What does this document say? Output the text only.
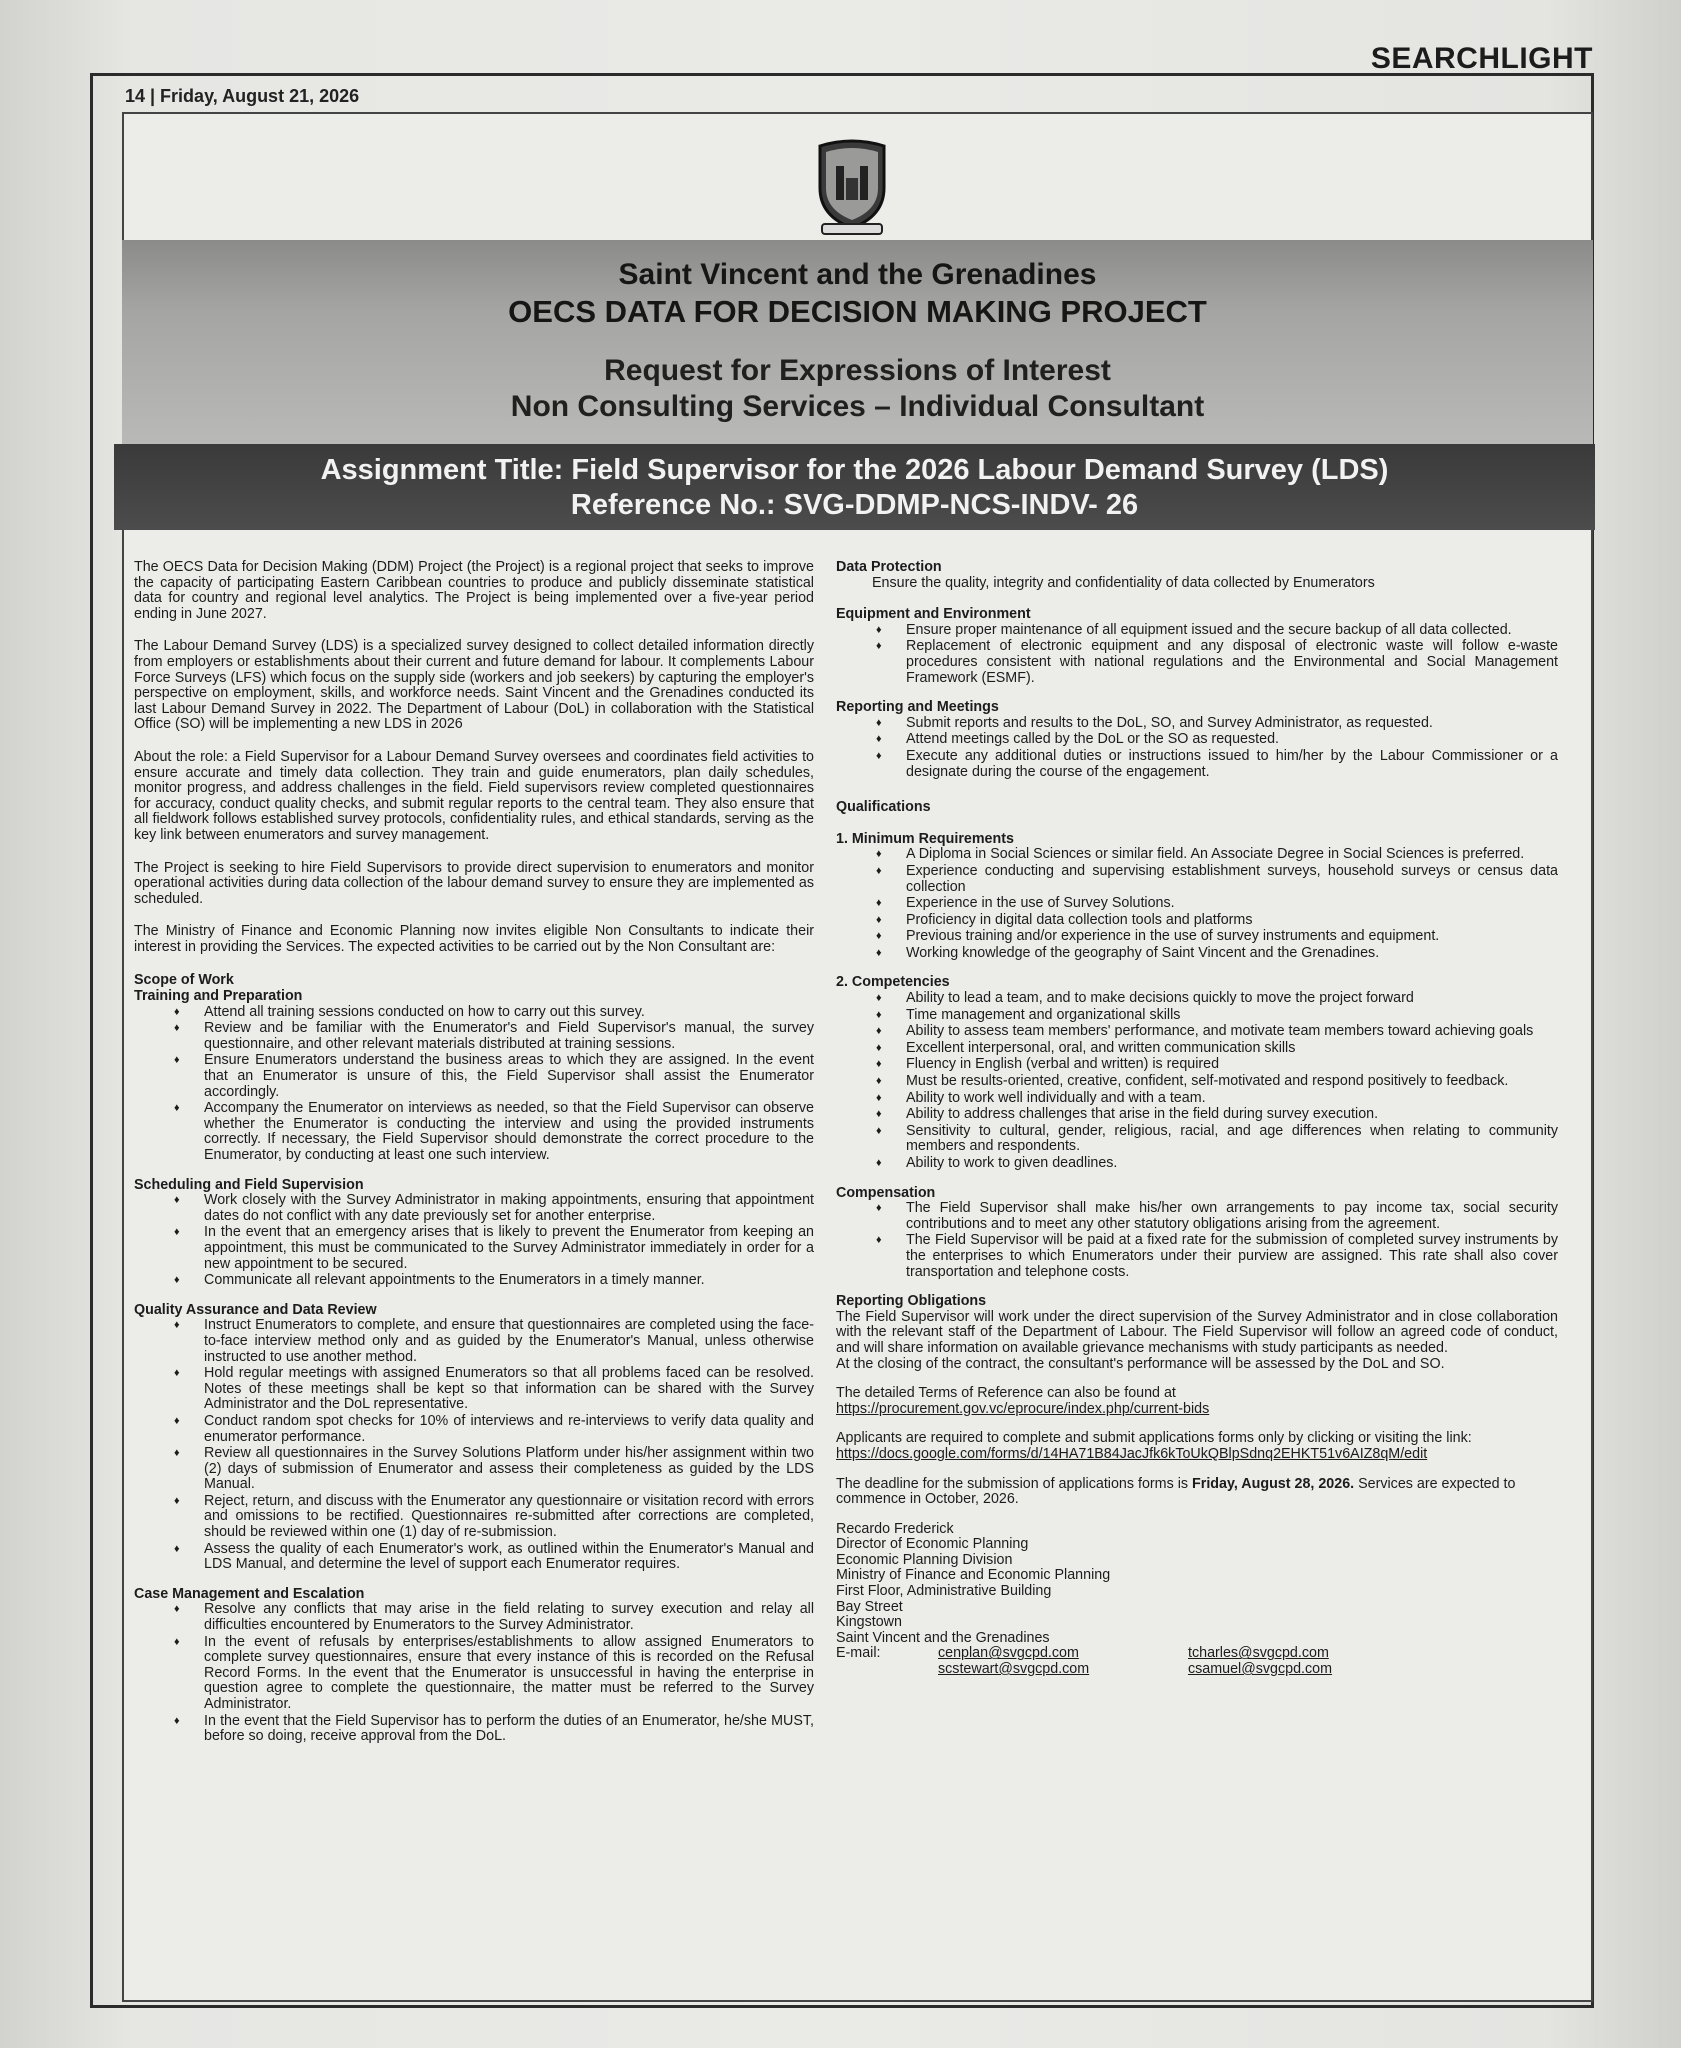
14 | Friday, August 21, 2026
SEARCHLIGHT
Saint Vincent and the Grenadines
OECS DATA FOR DECISION MAKING PROJECT
Request for Expressions of Interest
Non Consulting Services – Individual Consultant
Assignment Title: Field Supervisor for the 2026 Labour Demand Survey (LDS)
Reference No.: SVG-DDMP-NCS-INDV- 26

The OECS Data for Decision Making (DDM) Project (the Project) is a regional project that seeks to improve the capacity of participating Eastern Caribbean countries to produce and publicly disseminate statistical data for country and regional level analytics. The Project is being implemented over a five-year period ending in June 2027.

The Labour Demand Survey (LDS) is a specialized survey designed to collect detailed information directly from employers or establishments about their current and future demand for labour. It complements Labour Force Surveys (LFS) which focus on the supply side (workers and job seekers) by capturing the employer's perspective on employment, skills, and workforce needs. Saint Vincent and the Grenadines conducted its last Labour Demand Survey in 2022. The Department of Labour (DoL) in collaboration with the Statistical Office (SO) will be implementing a new LDS in 2026

About the role: a Field Supervisor for a Labour Demand Survey oversees and coordinates field activities to ensure accurate and timely data collection. They train and guide enumerators, plan daily schedules, monitor progress, and address challenges in the field. Field supervisors review completed questionnaires for accuracy, conduct quality checks, and submit regular reports to the central team. They also ensure that all fieldwork follows established survey protocols, confidentiality rules, and ethical standards, serving as the key link between enumerators and survey management.

The Project is seeking to hire Field Supervisors to provide direct supervision to enumerators and monitor operational activities during data collection of the labour demand survey to ensure they are implemented as scheduled.

The Ministry of Finance and Economic Planning now invites eligible Non Consultants to indicate their interest in providing the Services. The expected activities to be carried out by the Non Consultant are:

Scope of Work
Training and Preparation
♦ Attend all training sessions conducted on how to carry out this survey.
♦ Review and be familiar with the Enumerator's and Field Supervisor's manual, the survey questionnaire, and other relevant materials distributed at training sessions.
♦ Ensure Enumerators understand the business areas to which they are assigned. In the event that an Enumerator is unsure of this, the Field Supervisor shall assist the Enumerator accordingly.
♦ Accompany the Enumerator on interviews as needed, so that the Field Supervisor can observe whether the Enumerator is conducting the interview and using the provided instruments correctly. If necessary, the Field Supervisor should demonstrate the correct procedure to the Enumerator, by conducting at least one such interview.
Scheduling and Field Supervision
♦ Work closely with the Survey Administrator in making appointments, ensuring that appointment dates do not conflict with any date previously set for another enterprise.
♦ In the event that an emergency arises that is likely to prevent the Enumerator from keeping an appointment, this must be communicated to the Survey Administrator immediately in order for a new appointment to be secured.
♦ Communicate all relevant appointments to the Enumerators in a timely manner.
Quality Assurance and Data Review
♦ Instruct Enumerators to complete, and ensure that questionnaires are completed using the face-to-face interview method only and as guided by the Enumerator's Manual, unless otherwise instructed to use another method.
♦ Hold regular meetings with assigned Enumerators so that all problems faced can be resolved. Notes of these meetings shall be kept so that information can be shared with the Survey Administrator and the DoL representative.
♦ Conduct random spot checks for 10% of interviews and re-interviews to verify data quality and enumerator performance.
♦ Review all questionnaires in the Survey Solutions Platform under his/her assignment within two (2) days of submission of Enumerator and assess their completeness as guided by the LDS Manual.
♦ Reject, return, and discuss with the Enumerator any questionnaire or visitation record with errors and omissions to be rectified. Questionnaires re-submitted after corrections are completed, should be reviewed within one (1) day of re-submission.
♦ Assess the quality of each Enumerator's work, as outlined within the Enumerator's Manual and LDS Manual, and determine the level of support each Enumerator requires.
Case Management and Escalation
♦ Resolve any conflicts that may arise in the field relating to survey execution and relay all difficulties encountered by Enumerators to the Survey Administrator.
♦ In the event of refusals by enterprises/establishments to allow assigned Enumerators to complete survey questionnaires, ensure that every instance of this is recorded on the Refusal Record Forms. In the event that the Enumerator is unsuccessful in having the enterprise in question agree to complete the questionnaire, the matter must be referred to the Survey Administrator.
♦ In the event that the Field Supervisor has to perform the duties of an Enumerator, he/she MUST, before so doing, receive approval from the DoL.
Data Protection
Ensure the quality, integrity and confidentiality of data collected by Enumerators
Equipment and Environment
♦ Ensure proper maintenance of all equipment issued and the secure backup of all data collected.
♦ Replacement of electronic equipment and any disposal of electronic waste will follow e-waste procedures consistent with national regulations and the Environmental and Social Management Framework (ESMF).
Reporting and Meetings
♦ Submit reports and results to the DoL, SO, and Survey Administrator, as requested.
♦ Attend meetings called by the DoL or the SO as requested.
♦ Execute any additional duties or instructions issued to him/her by the Labour Commissioner or a designate during the course of the engagement.
Qualifications
1. Minimum Requirements
♦ A Diploma in Social Sciences or similar field. An Associate Degree in Social Sciences is preferred.
♦ Experience conducting and supervising establishment surveys, household surveys or census data collection
♦ Experience in the use of Survey Solutions.
♦ Proficiency in digital data collection tools and platforms
♦ Previous training and/or experience in the use of survey instruments and equipment.
♦ Working knowledge of the geography of Saint Vincent and the Grenadines.
2. Competencies
♦ Ability to lead a team, and to make decisions quickly to move the project forward
♦ Time management and organizational skills
♦ Ability to assess team members' performance, and motivate team members toward achieving goals
♦ Excellent interpersonal, oral, and written communication skills
♦ Fluency in English (verbal and written) is required
♦ Must be results-oriented, creative, confident, self-motivated and respond positively to feedback.
♦ Ability to work well individually and with a team.
♦ Ability to address challenges that arise in the field during survey execution.
♦ Sensitivity to cultural, gender, religious, racial, and age differences when relating to community members and respondents.
♦ Ability to work to given deadlines.
Compensation
♦ The Field Supervisor shall make his/her own arrangements to pay income tax, social security contributions and to meet any other statutory obligations arising from the agreement.
♦ The Field Supervisor will be paid at a fixed rate for the submission of completed survey instruments by the enterprises to which Enumerators under their purview are assigned. This rate shall also cover transportation and telephone costs.
Reporting Obligations
The Field Supervisor will work under the direct supervision of the Survey Administrator and in close collaboration with the relevant staff of the Department of Labour. The Field Supervisor will follow an agreed code of conduct, and will share information on available grievance mechanisms with study participants as needed.
At the closing of the contract, the consultant's performance will be assessed by the DoL and SO.
The detailed Terms of Reference can also be found at
https://procurement.gov.vc/eprocure/index.php/current-bids
Applicants are required to complete and submit applications forms only by clicking or visiting the link:
https://docs.google.com/forms/d/14HA71B84JacJfk6kToUkQBlpSdnq2EHKT51v6AIZ8qM/edit
The deadline for the submission of applications forms is Friday, August 28, 2026. Services are expected to commence in October, 2026.
Recardo Frederick
Director of Economic Planning
Economic Planning Division
Ministry of Finance and Economic Planning
First Floor, Administrative Building
Bay Street
Kingstown
Saint Vincent and the Grenadines
E-mail:	cenplan@svgcpd.com	tcharles@svgcpd.com
scstewart@svgcpd.com	csamuel@svgcpd.com
